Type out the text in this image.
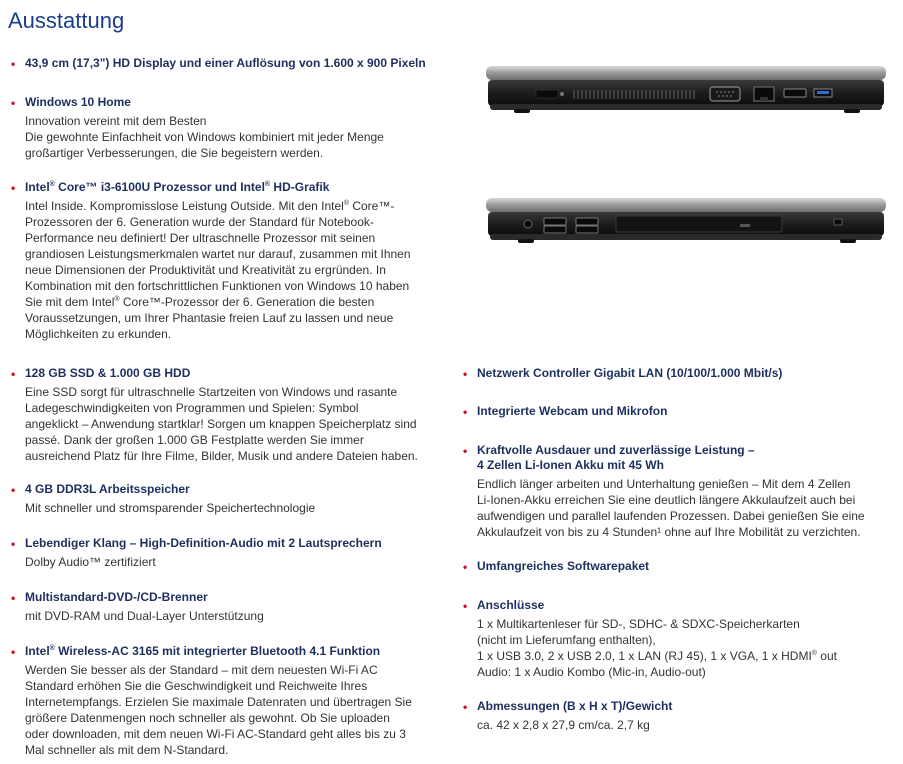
Ausstattung
• 43,9 cm (17,3") HD Display und einer Auflösung von 1.600 x 900 Pixeln
• Windows 10 Home
Innovation vereint mit dem Besten
Die gewohnte Einfachheit von Windows kombiniert mit jeder Menge
großartiger Verbesserungen, die Sie begeistern werden.
• Intel® Core™ i3-6100U Prozessor und Intel® HD-Grafik
Intel Inside. Kompromisslose Leistung Outside. Mit den Intel® Core™-
Prozessoren der 6. Generation wurde der Standard für Notebook-
Performance neu definiert! Der ultraschnelle Prozessor mit seinen
grandiosen Leistungsmerkmalen wartet nur darauf, zusammen mit Ihnen
neue Dimensionen der Produktivität und Kreativität zu ergründen. In
Kombination mit den fortschrittlichen Funktionen von Windows 10 haben
Sie mit dem Intel® Core™-Prozessor der 6. Generation die besten
Voraussetzungen, um Ihrer Phantasie freien Lauf zu lassen und neue
Möglichkeiten zu erkunden.
• 128 GB SSD & 1.000 GB HDD
Eine SSD sorgt für ultraschnelle Startzeiten von Windows und rasante
Ladegeschwindigkeiten von Programmen und Spielen: Symbol
angeklickt – Anwendung startklar! Sorgen um knappen Speicherplatz sind
passé. Dank der großen 1.000 GB Festplatte werden Sie immer
ausreichend Platz für Ihre Filme, Bilder, Musik und andere Dateien haben.
• 4 GB DDR3L Arbeitsspeicher
Mit schneller und stromsparender Speichertechnologie
• Lebendiger Klang – High-Definition-Audio mit 2 Lautsprechern
Dolby Audio™ zertifiziert
• Multistandard-DVD-/CD-Brenner
mit DVD-RAM und Dual-Layer Unterstützung
• Intel® Wireless-AC 3165 mit integrierter Bluetooth 4.1 Funktion
Werden Sie besser als der Standard – mit dem neuesten Wi-Fi AC
Standard erhöhen Sie die Geschwindigkeit und Reichweite Ihres
Internetempfangs. Erzielen Sie maximale Datenraten und übertragen Sie
größere Datenmengen noch schneller als gewohnt. Ob Sie uploaden
oder downloaden, mit dem neuen Wi-Fi AC-Standard geht alles bis zu 3
Mal schneller als mit dem N-Standard.
• Netzwerk Controller Gigabit LAN (10/100/1.000 Mbit/s)
• Integrierte Webcam und Mikrofon
• Kraftvolle Ausdauer und zuverlässige Leistung –
4 Zellen Li-Ionen Akku mit 45 Wh
Endlich länger arbeiten und Unterhaltung genießen – Mit dem 4 Zellen
Li-Ionen-Akku erreichen Sie eine deutlich längere Akkulaufzeit auch bei
aufwendigen und parallel laufenden Prozessen. Dabei genießen Sie eine
Akkulaufzeit von bis zu 4 Stunden¹ ohne auf Ihre Mobilität zu verzichten.
• Umfangreiches Softwarepaket
• Anschlüsse
1 x Multikartenleser für SD-, SDHC- & SDXC-Speicherkarten
(nicht im Lieferumfang enthalten),
1 x USB 3.0, 2 x USB 2.0, 1 x LAN (RJ 45), 1 x VGA, 1 x HDMI® out
Audio: 1 x Audio Kombo (Mic-in, Audio-out)
• Abmessungen (B x H x T)/Gewicht
ca. 42 x 2,8 x 27,9 cm/ca. 2,7 kg
